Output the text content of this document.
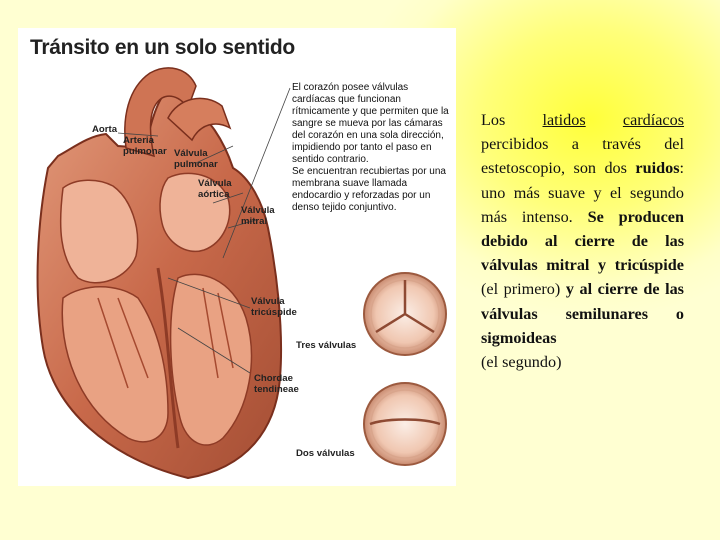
Tránsito en un solo sentido
Aorta
Arteria
pulmonar Válvula
pulmonar
Válvula
aórtica
Válvula
mitral
Válvula
tricúspide
Chordae
tendineae

El corazón posee válvulas cardíacas que funcionan rítmicamente y que permiten que la sangre se mueva por las cámaras del corazón en una sola dirección, impidiendo por tanto el paso en sentido contrario.

Se encuentran recubiertas por una membrana suave llamada endocardio y reforzadas por un denso tejido conjuntivo.

Tres válvulas
Dos válvulas
Los latidos cardíacos percibidos a través del estetoscopio, son dos ruidos: uno más suave y el segundo más intenso. Se producen debido al cierre de las válvulas mitral y tricúspide (el primero) y al cierre de las válvulas semilunares o sigmoideas
(el segundo)
